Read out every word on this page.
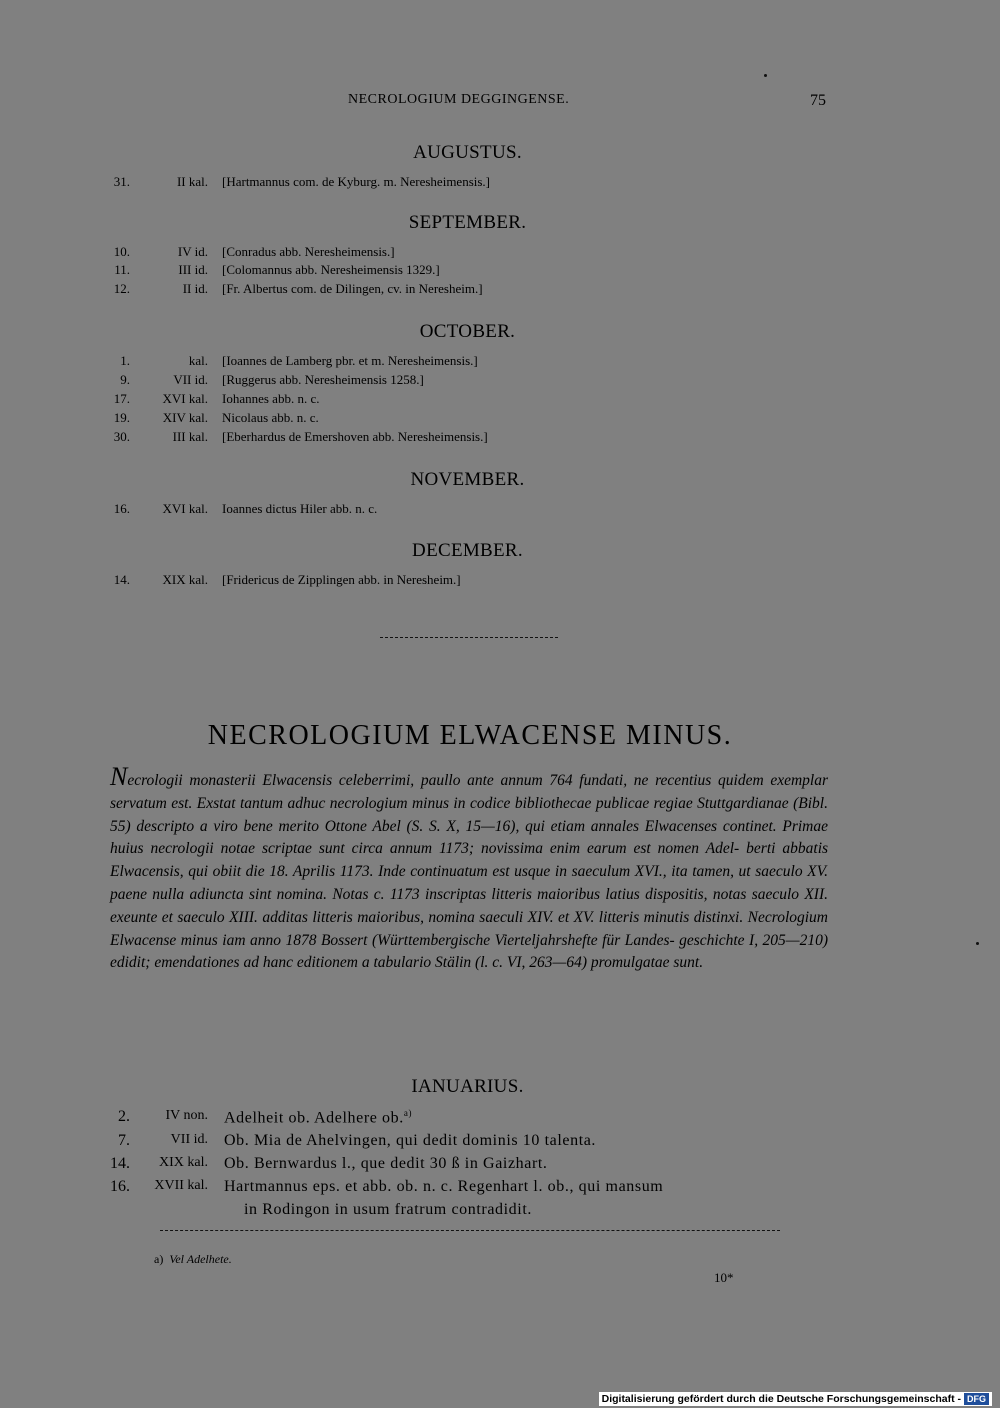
NECROLOGIUM DEGGINGENSE.	75
AUGUSTUS.
31.	II kal. [Hartmannus com. de Kyburg. m. Neresheimensis.]
SEPTEMBER.
10.	IV id. [Conradus abb. Neresheimensis.]
11.	III id. [Colomannus abb. Neresheimensis 1329.]
12.	II id. [Fr. Albertus com. de Dilingen, cv. in Neresheim.]
OCTOBER.
1.	kal. [Ioannes de Lamberg pbr. et m. Neresheimensis.]
9.	VII id. [Ruggerus abb. Neresheimensis 1258.]
17.	XVI kal. Iohannes abb. n. c.
19.	XIV kal. Nicolaus abb. n. c.
30.	III kal. [Eberhardus de Emershoven abb. Neresheimensis.]
NOVEMBER.
16.	XVI kal. Ioannes dictus Hiler abb. n. c.
DECEMBER.
14.	XIX kal. [Fridericus de Zipplingen abb. in Neresheim.]
NECROLOGIUM ELWACENSE MINUS.
Necrologii monasterii Elwacensis celeberrimi, paullo ante annum 764 fundati, ne recentius quidem exemplar servatum est. Exstat tantum adhuc necrologium minus in codice bibliothecae publicae regiae Stuttgardianae (Bibl. 55) descripto a viro bene merito Ottone Abel (S. S. X, 15—16), qui etiam annales Elwacenses continet. Primae huius necrologii notae scriptae sunt circa annum 1173; novissima enim earum est nomen Adel- berti abbatis Elwacensis, qui obiit die 18. Aprilis 1173. Inde continuatum est usque in saeculum XVI., ita tamen, ut saeculo XV. paene nulla adiuncta sint nomina. Notas c. 1173 inscriptas litteris maioribus latius dispositis, notas saeculo XII. exeunte et saeculo XIII. additas litteris maioribus, nomina saeculi XIV. et XV. litteris minutis distinxi. Necrologium Elwacense minus iam anno 1878 Bossert (Württembergische Vierteljahrshefte für Landes- geschichte I, 205—210) edidit; emendationes ad hanc editionem a tabulario Stälin (l. c. VI, 263—64) promulgatae sunt.
IANUARIUS.
2.	IV non. Adelheit ob. Adelhere ob.$^{a)}$
7.	VII id. Ob. Mia de Ahelvingen, qui dedit dominis 10 talenta.
14.	XIX kal. Ob. Bernwardus l., que dedit 30 ß in Gaizhart.
16.	XVII kal. Hartmannus eps. et abb. ob. n. c. Regenhart l. ob., qui mansum
in Rodingon in usum fratrum contradidit.
a) Vel Adelhete.
10*
Digitalisierung gefördert durch die Deutsche Forschungsgemeinschaft - DFG
